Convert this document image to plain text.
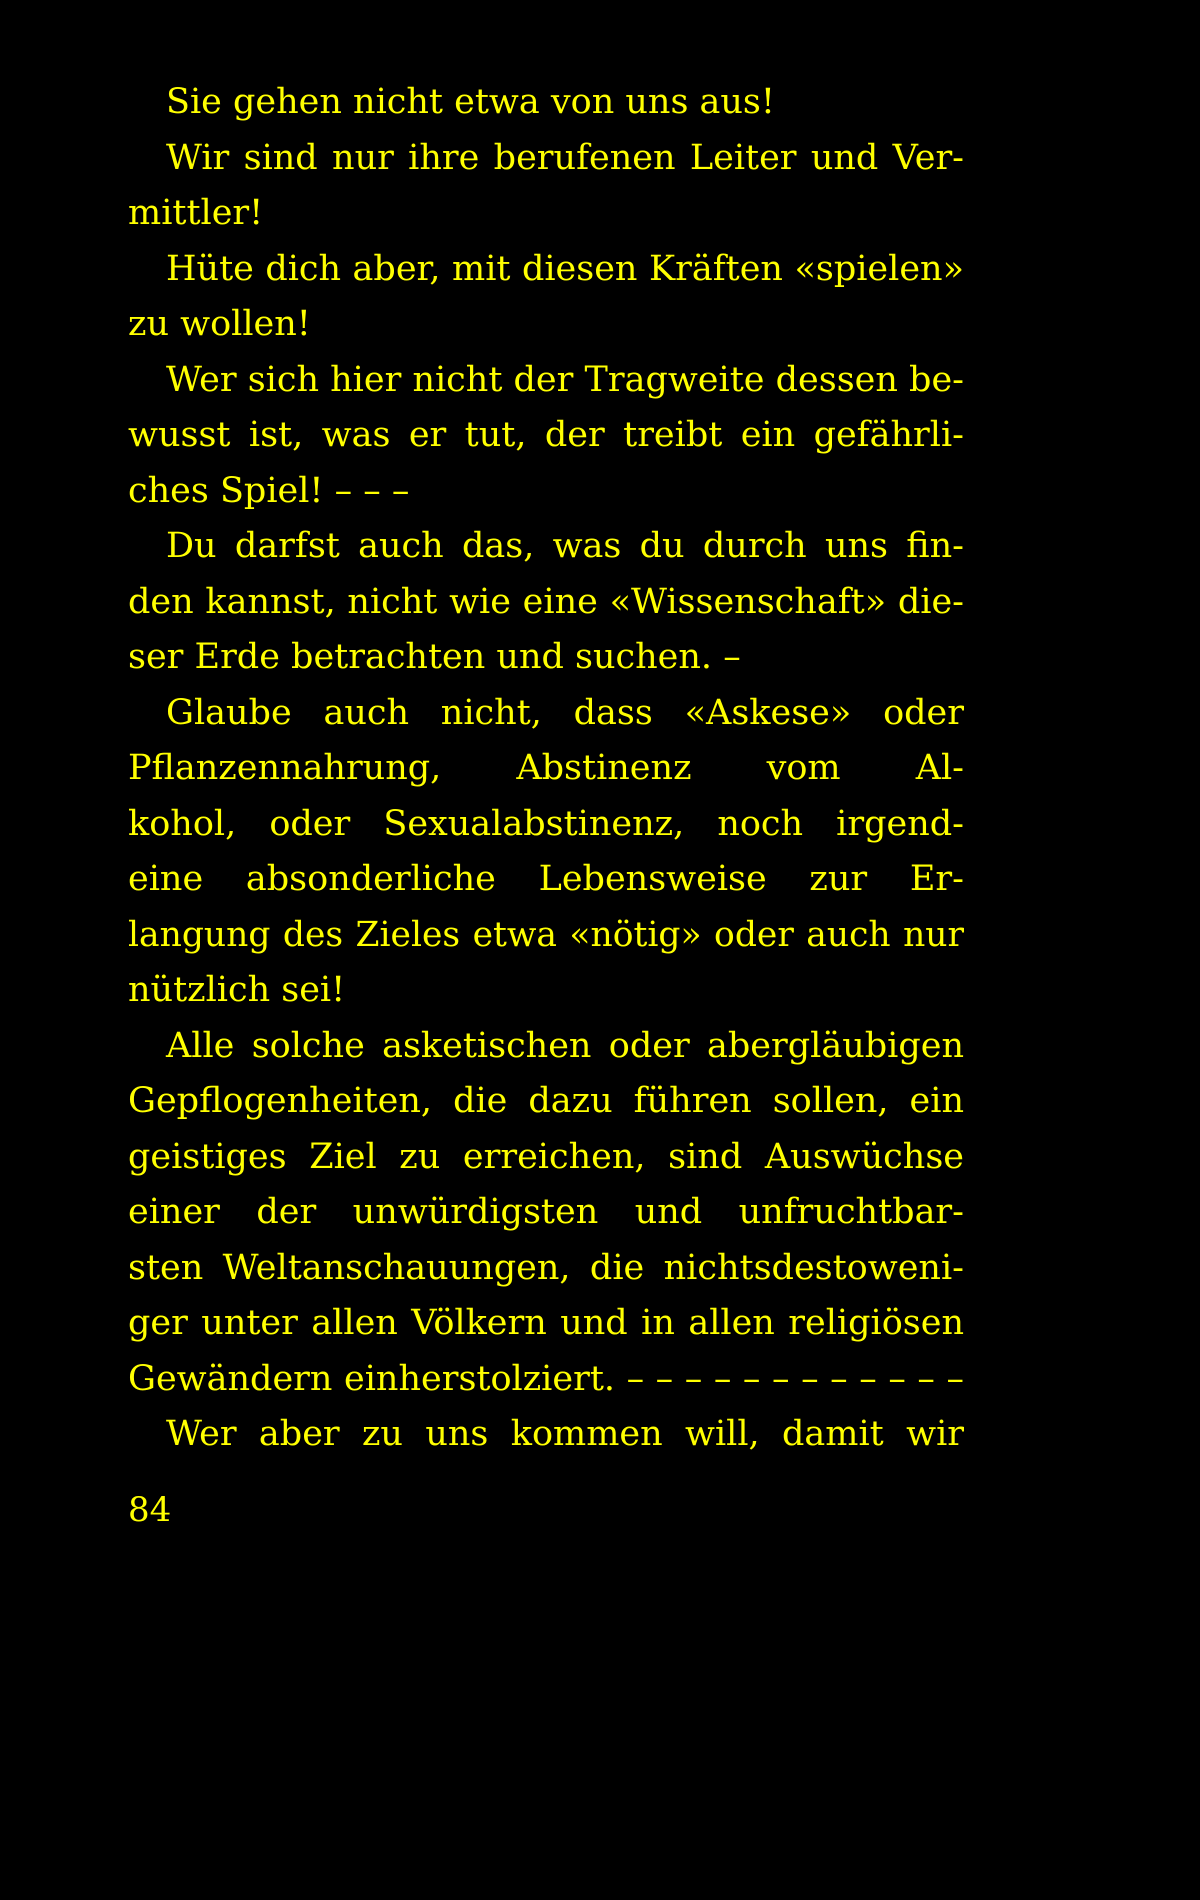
Sie gehen nicht etwa von uns aus!
Wir sind nur ihre berufenen Leiter und Ver-
mittler!
Hüte dich aber, mit diesen Kräften «spielen»
zu wollen!
Wer sich hier nicht der Tragweite dessen be-
wusst ist, was er tut, der treibt ein gefährli-
ches Spiel! – – –
Du darfst auch das, was du durch uns fin-
den kannst, nicht wie eine «Wissenschaft» die-
ser Erde betrachten und suchen. –
Glaube auch nicht, dass «Askese» oder
Pflanzennahrung, Abstinenz vom Al-
kohol, oder Sexualabstinenz, noch irgend-
eine absonderliche Lebensweise zur Er-
langung des Zieles etwa «nötig» oder auch nur
nützlich sei!
Alle solche asketischen oder abergläubigen
Gepflogenheiten, die dazu führen sollen, ein
geistiges Ziel zu erreichen, sind Auswüchse
einer der unwürdigsten und unfruchtbar-
sten Weltanschauungen, die nichtsdestoweni-
ger unter allen Völkern und in allen religiösen
Gewändern einherstolziert. – – – – – – – – – – – –
Wer aber zu uns kommen will, damit wir
84
